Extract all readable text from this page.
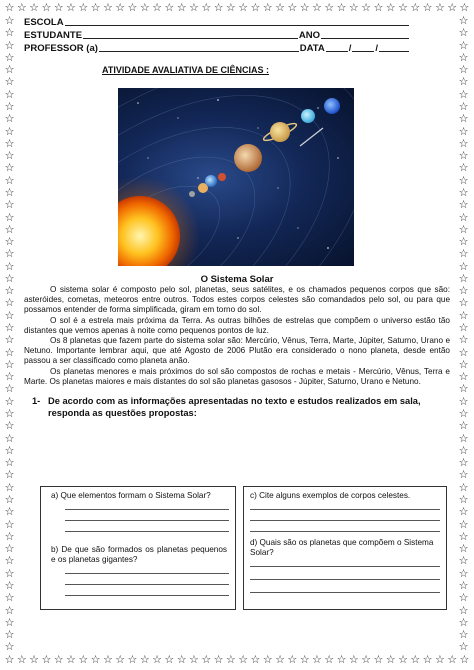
☆ ☆ ☆ ☆ ☆ ☆ ☆ ☆ ☆ ☆ ☆ ☆ ☆ ☆ ☆ ☆ ☆ ☆ ☆ ☆ ☆ ☆ ☆ ☆ ☆ ☆ ☆ ☆ ☆ ☆ ☆ ☆ ☆ ☆ ☆ ☆ ☆ ☆
☆ ☆ ☆ ☆ ☆ ☆ ☆ ☆ ☆ ☆ ☆ ☆ ☆ ☆ ☆ ☆ ☆ ☆ ☆ ☆ ☆ ☆ ☆ ☆ ☆ ☆ ☆ ☆ ☆ ☆ ☆ ☆ ☆ ☆ ☆ ☆ ☆ ☆
☆
☆
☆
☆
☆
☆
☆
☆
☆
☆
☆
☆
☆
☆
☆
☆
☆
☆
☆
☆
☆
☆
☆
☆
☆
☆
☆
☆
☆
☆
☆
☆
☆
☆
☆
☆
☆
☆
☆
☆
☆
☆
☆
☆
☆
☆
☆
☆
☆
☆
☆
☆
☆
☆
☆
☆
☆
☆
☆
☆
☆
☆
☆
☆
☆
☆
☆
☆
☆
☆
☆
☆
☆
☆
☆
☆
☆
☆
☆
☆
☆
☆
☆
☆
☆
☆
☆
☆
☆
☆
☆
☆
☆
☆
☆
☆
☆
☆
☆
☆
☆
☆
☆
☆
ESCOLA
ESTUDANTE	ANO
PROFESSOR (a)	DATA	/	/
ATIVIDADE AVALIATIVA DE CIÊNCIAS :
O Sistema Solar

O sistema solar é composto pelo sol, planetas, seus satélites, e os chamados pequenos corpos que são: asteróides, cometas, meteoros entre outros. Todos estes corpos celestes são comandados pelo sol, ou para que possamos entender de forma simplificada, giram em torno do sol.

O sol é a estrela mais próxima da Terra. As outras bilhões de estrelas que compõem o universo estão tão distantes que vemos apenas à noite como pequenos pontos de luz.

Os 8 planetas que fazem parte do sistema solar são: Mercúrio, Vênus, Terra, Marte, Júpiter, Saturno, Urano e Netuno. Importante lembrar aqui, que até Agosto de 2006 Plutão era considerado o nono planeta, desde então passou a ser classificado como planeta anão.

Os planetas menores e mais próximos do sol são compostos de rochas e metais - Mercúrio, Vênus, Terra e Marte. Os planetas maiores e mais distantes do sol são planetas gasosos - Júpiter, Saturno, Urano e Netuno.

1- De acordo com as informações apresentadas no texto e estudos realizados em sala, responda as questões propostas:
a) Que elementos formam o Sistema Solar?
b) De que são formados os planetas pequenos e os planetas gigantes?
c) Cite alguns exemplos de corpos celestes.
d) Quais são os planetas que compõem o Sistema Solar?
